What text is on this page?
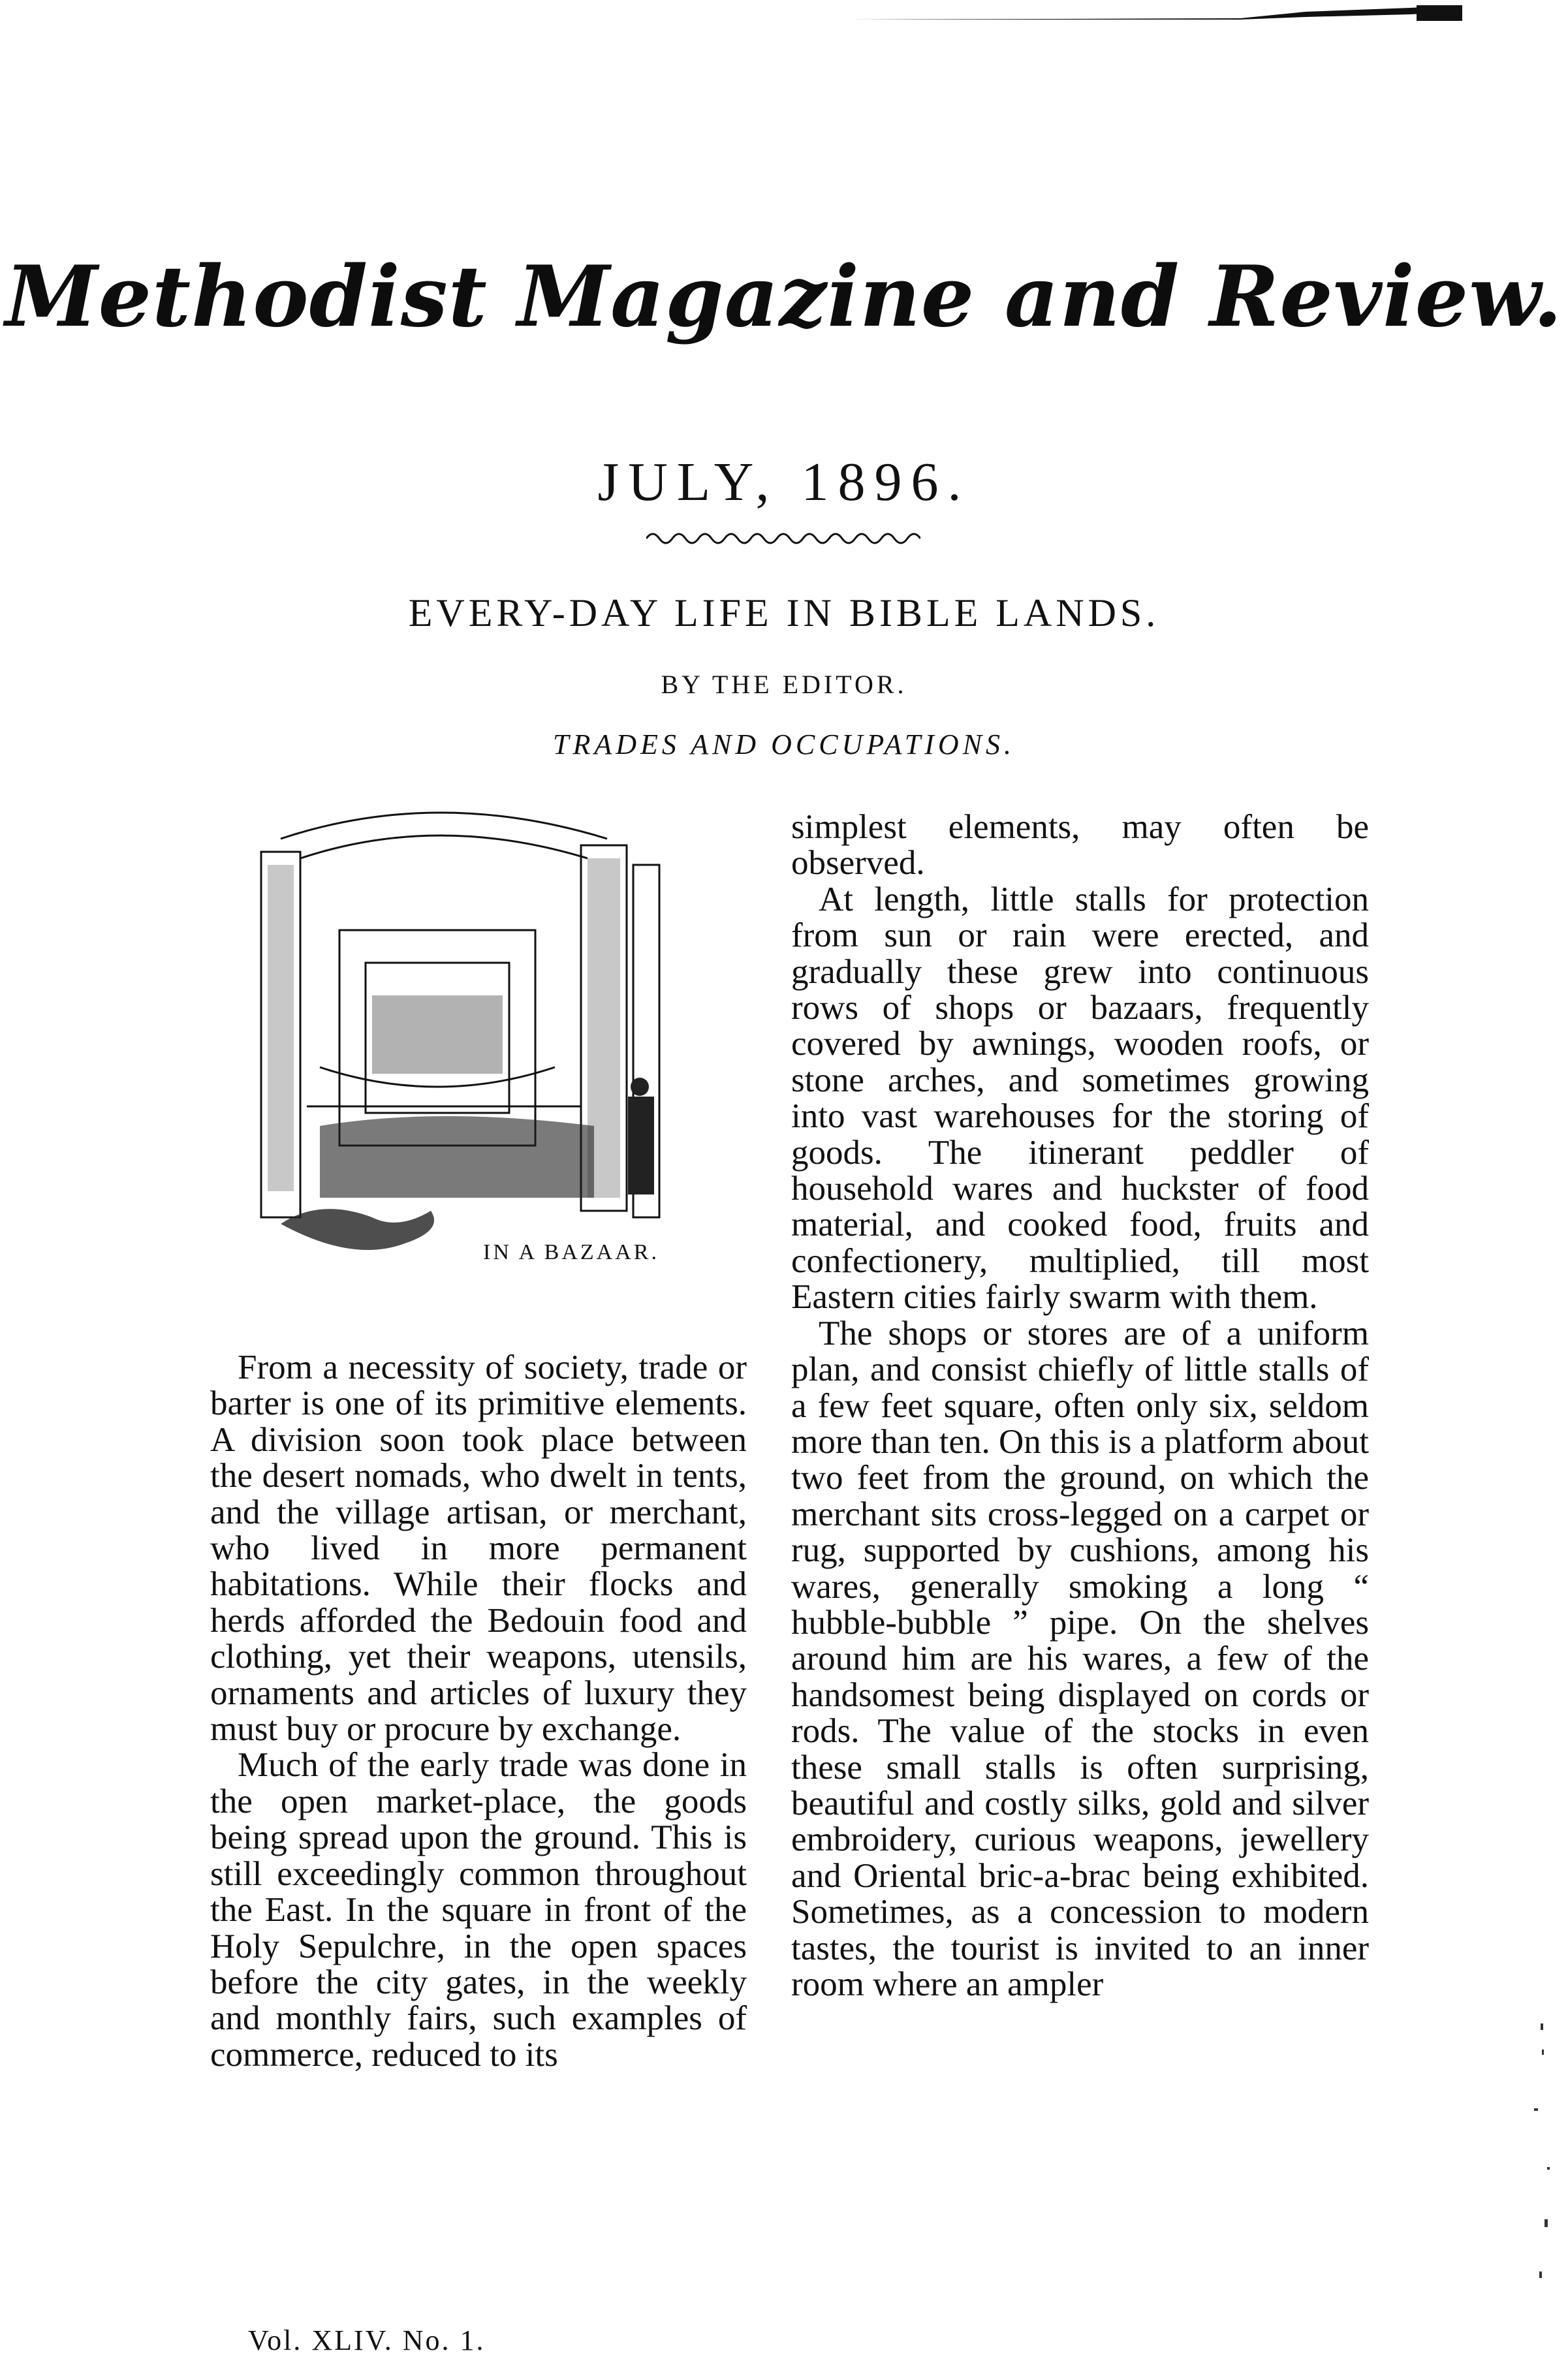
Methodist Magazine and Review.
JULY, 1896.
EVERY-DAY LIFE IN BIBLE LANDS.
BY THE EDITOR.
TRADES AND OCCUPATIONS.
IN A BAZAAR.

From a necessity of society, trade or barter is one of its primitive elements. A division soon took place between the desert nomads, who dwelt in tents, and the village artisan, or merchant, who lived in more permanent habitations. While their flocks and herds afforded the Bedouin food and clothing, yet their weapons, utensils, ornaments and articles of luxury they must buy or procure by exchange.

Much of the early trade was done in the open market-place, the goods being spread upon the ground. This is still exceedingly common throughout the East. In the square in front of the Holy Sepulchre, in the open spaces before the city gates, in the weekly and monthly fairs, such examples of commerce, reduced to its

simplest elements, may often be observed.

At length, little stalls for protection from sun or rain were erected, and gradually these grew into continuous rows of shops or bazaars, frequently covered by awnings, wooden roofs, or stone arches, and sometimes growing into vast warehouses for the storing of goods. The itinerant peddler of household wares and huckster of food material, and cooked food, fruits and confectionery, multiplied, till most Eastern cities fairly swarm with them.

The shops or stores are of a uniform plan, and consist chiefly of little stalls of a few feet square, often only six, seldom more than ten. On this is a platform about two feet from the ground, on which the merchant sits cross-legged on a carpet or rug, supported by cushions, among his wares, generally smoking a long “ hubble-bubble ” pipe. On the shelves around him are his wares, a few of the handsomest being displayed on cords or rods. The value of the stocks in even these small stalls is often surprising, beautiful and costly silks, gold and silver embroidery, curious weapons, jewellery and Oriental bric-a-brac being exhibited. Sometimes, as a concession to modern tastes, the tourist is invited to an inner room where an ampler

Vol. XLIV. No. 1.
